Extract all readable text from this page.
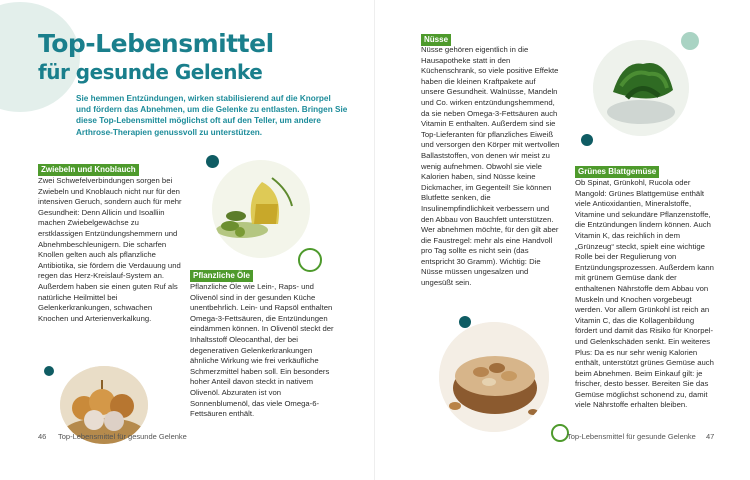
Top-Lebensmittel
für gesunde Gelenke
Sie hemmen Entzündungen, wirken stabilisierend auf die Knorpel und fördern das Abnehmen, um die Gelenke zu entlasten. Bringen Sie diese Top-Lebensmittel möglichst oft auf den Teller, um andere Arthrose-Therapien genussvoll zu unterstützen.
Zwiebeln und Knoblauch
Zwei Schwefelverbindungen sorgen bei Zwiebeln und Knoblauch nicht nur für den intensiven Geruch, sondern auch für mehr Gesundheit: Denn Allicin und Isoalliin machen Zwiebelgewächse zu erstklassigen Entzündungshemmern und Abnehmbeschleunigern. Die scharfen Knollen gelten auch als pflanzliche Antibiotika, sie fördern die Verdauung und regen das Herz-Kreislauf-System an. Außerdem haben sie einen guten Ruf als natürliche Heilmittel bei Gelenkerkrankungen, schwachen Knochen und Arterienverkalkung.
Pflanzliche Öle
Pflanzliche Öle wie Lein-, Raps- und Olivenöl sind in der gesunden Küche unentbehrlich. Lein- und Rapsöl enthalten Omega-3-Fettsäuren, die Entzündungen eindämmen können. In Olivenöl steckt der Inhaltsstoff Oleocanthal, der bei degenerativen Gelenkerkrankungen ähnliche Wirkung wie frei verkäufliche Schmerzmittel haben soll. Ein besonders hoher Anteil davon steckt in nativem Olivenöl. Abzuraten ist von Sonnenblumenöl, das viele Omega-6-Fettsäuren enthält.
46 Top-Lebensmittel für gesunde Gelenke
Nüsse
Nüsse gehören eigentlich in die Hausapotheke statt in den Küchenschrank, so viele positive Effekte haben die kleinen Kraftpakete auf unsere Gesundheit. Walnüsse, Mandeln und Co. wirken entzündungshemmend, da sie neben Omega-3-Fettsäuren auch Vitamin E enthalten. Außerdem sind sie Top-Lieferanten für pflanzliches Eiweiß und versorgen den Körper mit wertvollen Ballaststoffen, von denen wir meist zu wenig aufnehmen. Obwohl sie viele Kalorien haben, sind Nüsse keine Dickmacher, im Gegenteil! Sie können Blutfette senken, die Insulinempfindlichkeit verbessern und den Abbau von Bauchfett unterstützen. Wer abnehmen möchte, für den gilt aber die Faustregel: mehr als eine Handvoll pro Tag sollte es nicht sein (das entspricht 30 Gramm). Wichtig: Die Nüsse müssen ungesalzen und ungesüßt sein.
Grünes Blattgemüse
Ob Spinat, Grünkohl, Rucola oder Mangold: Grünes Blattgemüse enthält viele Antioxidantien, Mineralstoffe, Vitamine und sekundäre Pflanzenstoffe, die Entzündungen lindern können. Auch Vitamin K, das reichlich in dem „Grünzeug“ steckt, spielt eine wichtige Rolle bei der Regulierung von Entzündungsprozessen. Außerdem kann mit grünem Gemüse dank der enthaltenen Nährstoffe dem Abbau von Muskeln und Knochen vorgebeugt werden. Vor allem Grünkohl ist reich an Vitamin C, das die Kollagenbildung fördert und damit das Risiko für Knorpel- und Gelenkschäden senkt. Ein weiteres Plus: Da es nur sehr wenig Kalorien enthält, unterstützt grünes Gemüse auch beim Abnehmen. Beim Einkauf gilt: je frischer, desto besser. Bereiten Sie das Gemüse möglichst schonend zu, damit viele Nährstoffe erhalten bleiben.
Top-Lebensmittel für gesunde Gelenke 47
